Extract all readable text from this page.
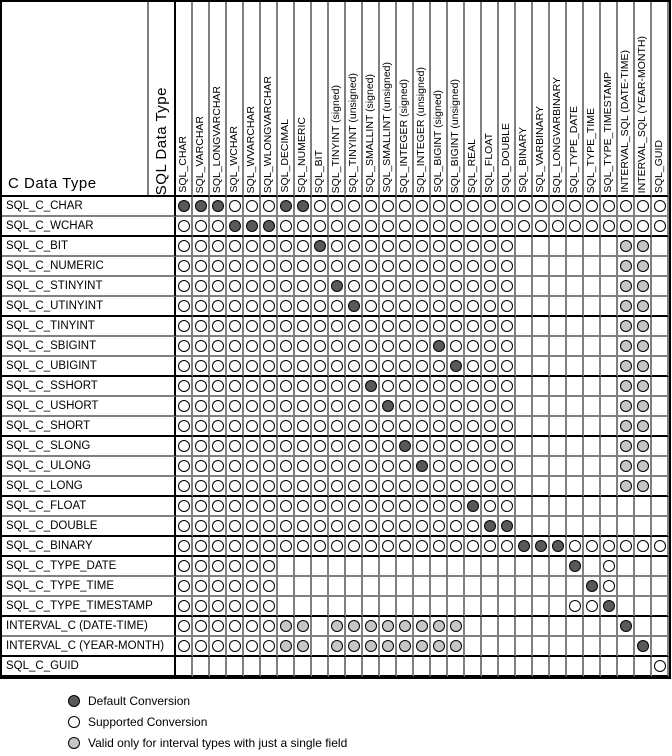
C Data Type	SQL Data Type SQL_CHAR SQL_VARCHAR SQL_LONGVARCHAR SQL_WCHAR SQL_WVARCHAR SQL_WLONGVARCHAR SQL_DECIMAL SQL_NUMERIC SQL_BIT SQL_TINYINT (signed) SQL_TINYINT (unsigned) SQL_SMALLINT (signed) SQL_SMALLINT (unsigned) SQL_INTEGER (signed) SQL_INTEGER (unsigned) SQL_BIGINT (signed) SQL_BIGINT (unsigned) SQL_REAL SQL_FLOAT SQL_DOUBLE SQL_BINARY SQL_VARBINARY SQL_LONGVARBINARY SQL_TYPE_DATE SQL_TYPE_TIME SQL_TYPE_TIMESTAMP INTERVAL_SQL (DATE-TIME) INTERVAL_SQL (YEAR-MONTH) SQL_GUID
SQL_C_CHAR
SQL_C_WCHAR
SQL_C_BIT
SQL_C_NUMERIC
SQL_C_STINYINT
SQL_C_UTINYINT
SQL_C_TINYINT
SQL_C_SBIGINT
SQL_C_UBIGINT
SQL_C_SSHORT
SQL_C_USHORT
SQL_C_SHORT
SQL_C_SLONG
SQL_C_ULONG
SQL_C_LONG
SQL_C_FLOAT
SQL_C_DOUBLE
SQL_C_BINARY
SQL_C_TYPE_DATE
SQL_C_TYPE_TIME
SQL_C_TYPE_TIMESTAMP
INTERVAL_C (DATE-TIME)
INTERVAL_C (YEAR-MONTH)
SQL_C_GUID
Default Conversion
Supported Conversion
Valid only for interval types with just a single field
